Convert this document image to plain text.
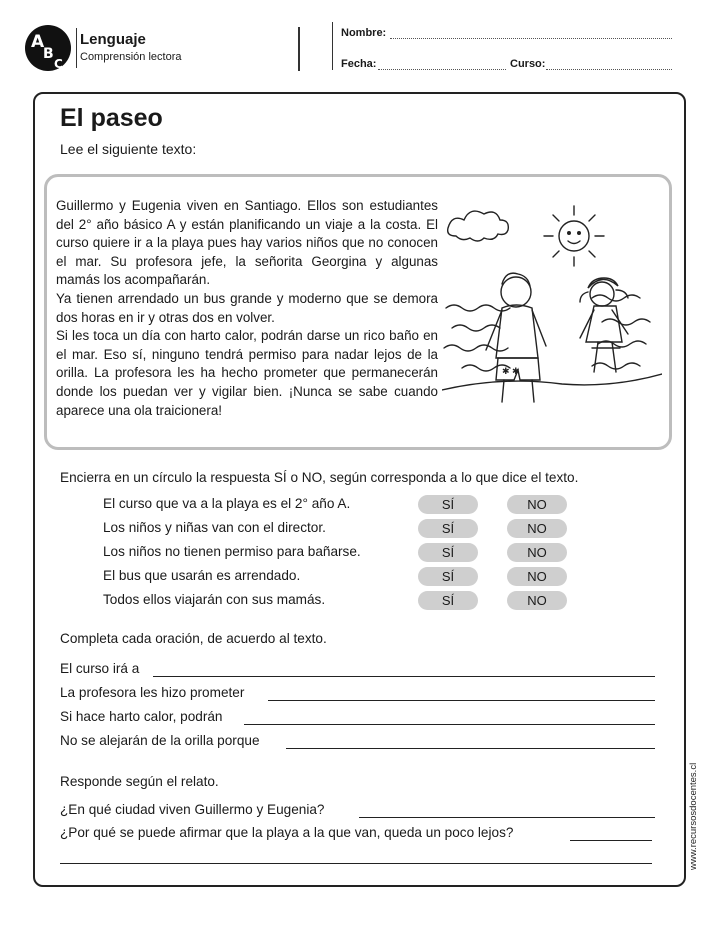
A
B
C
Lenguaje
Comprensión lectora
Nombre:
Fecha:	Curso:
El paseo
Lee el siguiente texto:

Guillermo y Eugenia viven en Santiago. Ellos son estudiantes del 2° año básico A y están planificando un viaje a la costa. El curso quiere ir a la playa pues hay varios niños que no conocen el mar. Su profesora jefe, la señorita Georgina y algunas mamás los acompañarán.

Ya tienen arrendado un bus grande y moderno que se demora dos horas en ir y otras dos en volver.

Si les toca un día con harto calor, podrán darse un rico baño en el mar. Eso sí, ninguno tendrá permiso para nadar lejos de la orilla. La profesora les ha hecho prometer que permanecerán donde los puedan ver y vigilar bien. ¡Nunca se sabe cuando aparece una ola traicionera!

✱ ✱
Encierra en un círculo la respuesta SÍ o NO, según corresponda a lo que dice el texto.
El curso que va a la playa es el 2° año A.	SÍ	NO
Los niños y niñas van con el director.	SÍ	NO
Los niños no tienen permiso para bañarse.	SÍ	NO
El bus que usarán es arrendado.	SÍ	NO
Todos ellos viajarán con sus mamás.	SÍ	NO
Completa cada oración, de acuerdo al texto.
El curso irá a
La profesora les hizo prometer
Si hace harto calor, podrán
No se alejarán de la orilla porque
Responde según el relato.
¿En qué ciudad viven Guillermo y Eugenia?
¿Por qué se puede afirmar que la playa a la que van, queda un poco lejos?	www.recursosdocentes.cl
